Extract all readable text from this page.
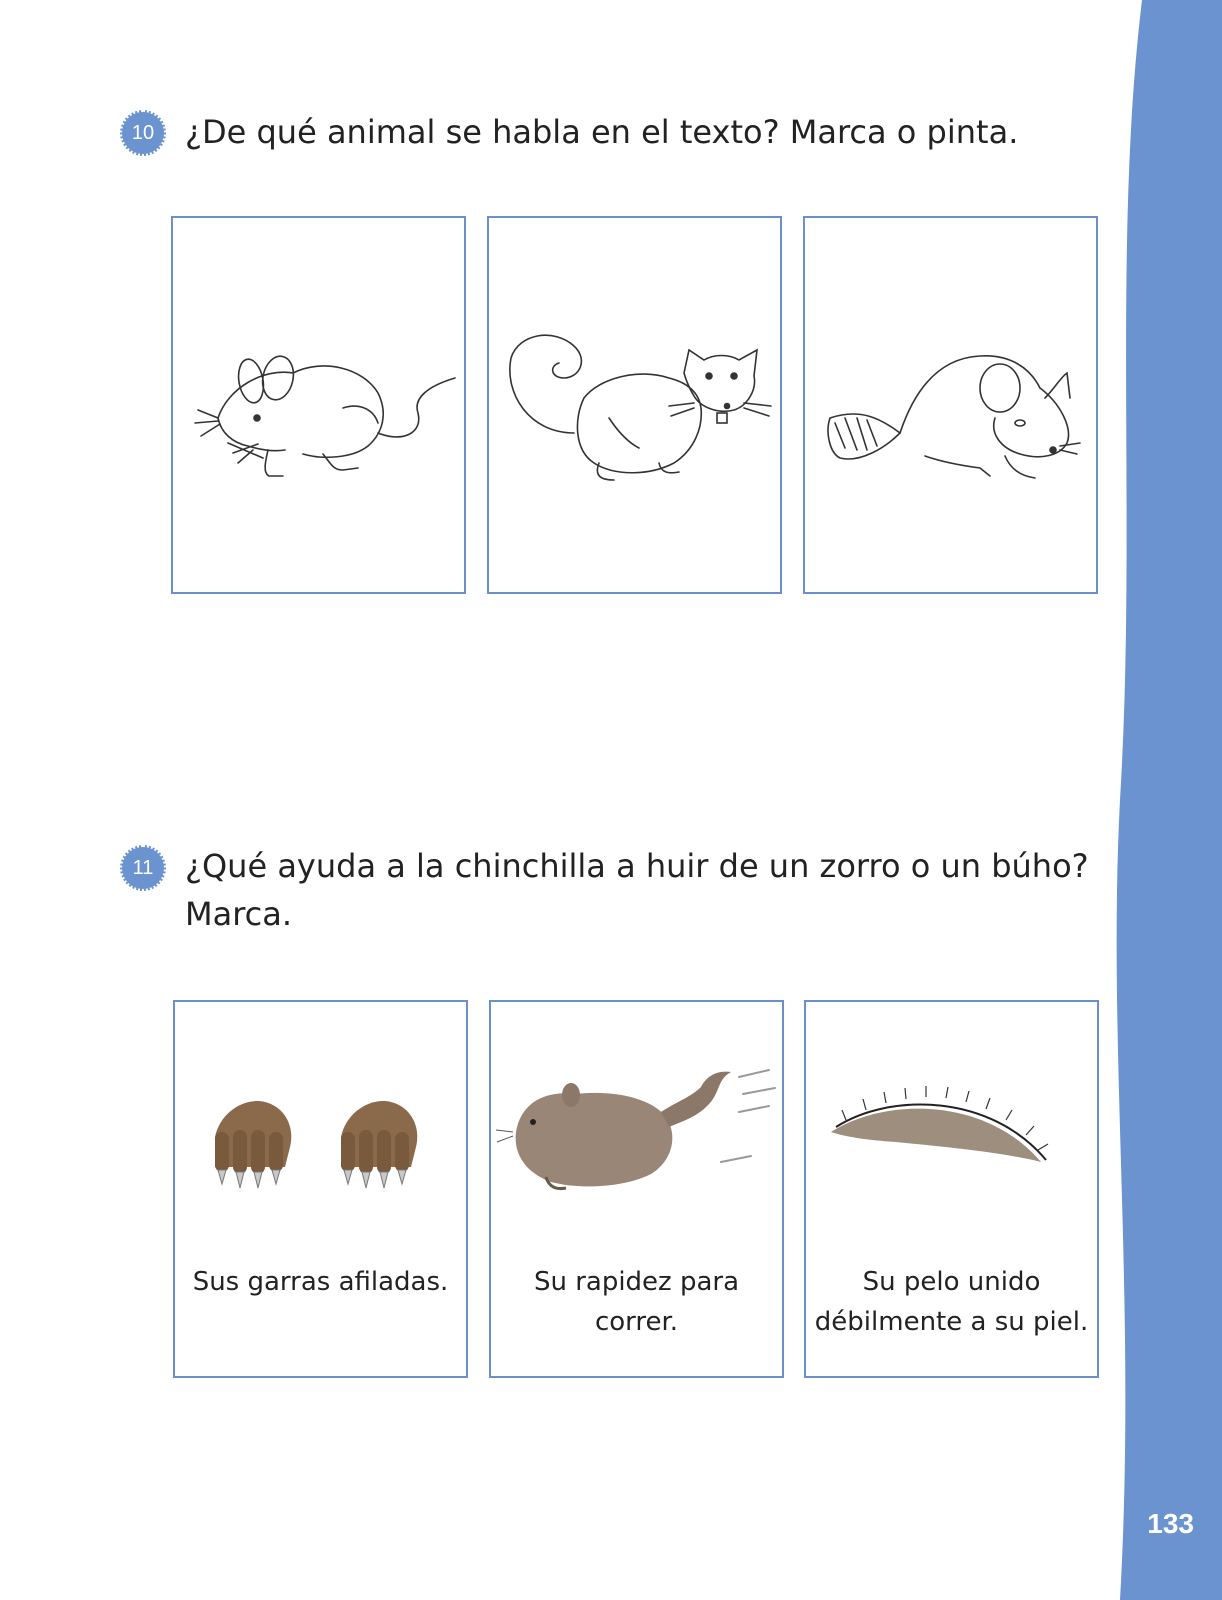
133
10 ¿De qué animal se habla en el texto? Marca o pinta.
11 ¿Qué ayuda a la chinchilla a huir de un zorro o un búho?
Marca.
Sus garras afiladas.	Su rapidez para correr.
Su pelo unido
débilmente a su piel.
